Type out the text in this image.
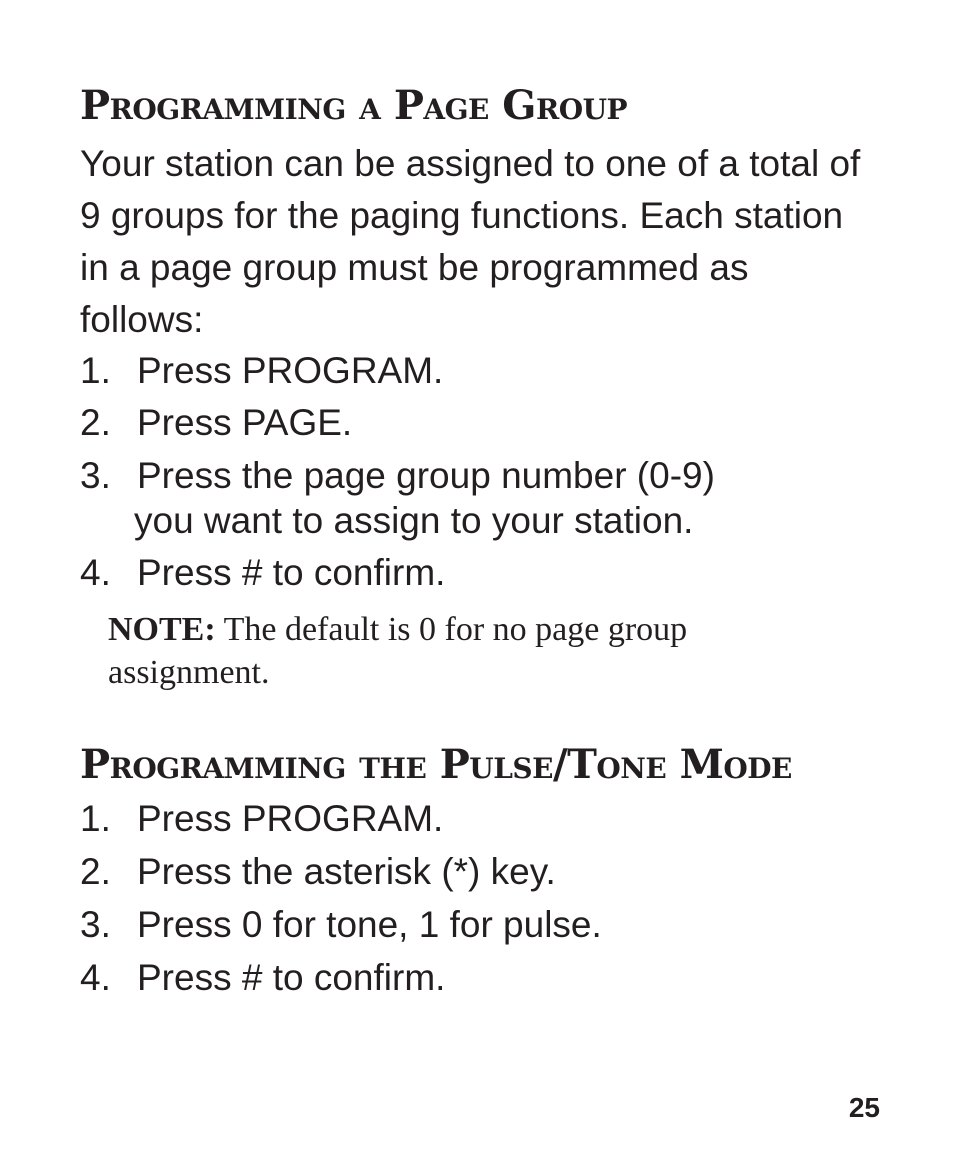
Programming a Page Group

Your station can be assigned to one of a total of 9 groups for the paging functions. Each station in a page group must be programmed as follows:

1. Press PROGRAM.
2. Press PAGE.
3. Press the page group number (0-9)
you want to assign to your station.
4. Press # to confirm.

NOTE: The default is 0 for no page group assignment.

Programming the Pulse/Tone Mode
1. Press PROGRAM.
2. Press the asterisk (*) key.
3. Press 0 for tone, 1 for pulse.
4. Press # to confirm.
25
